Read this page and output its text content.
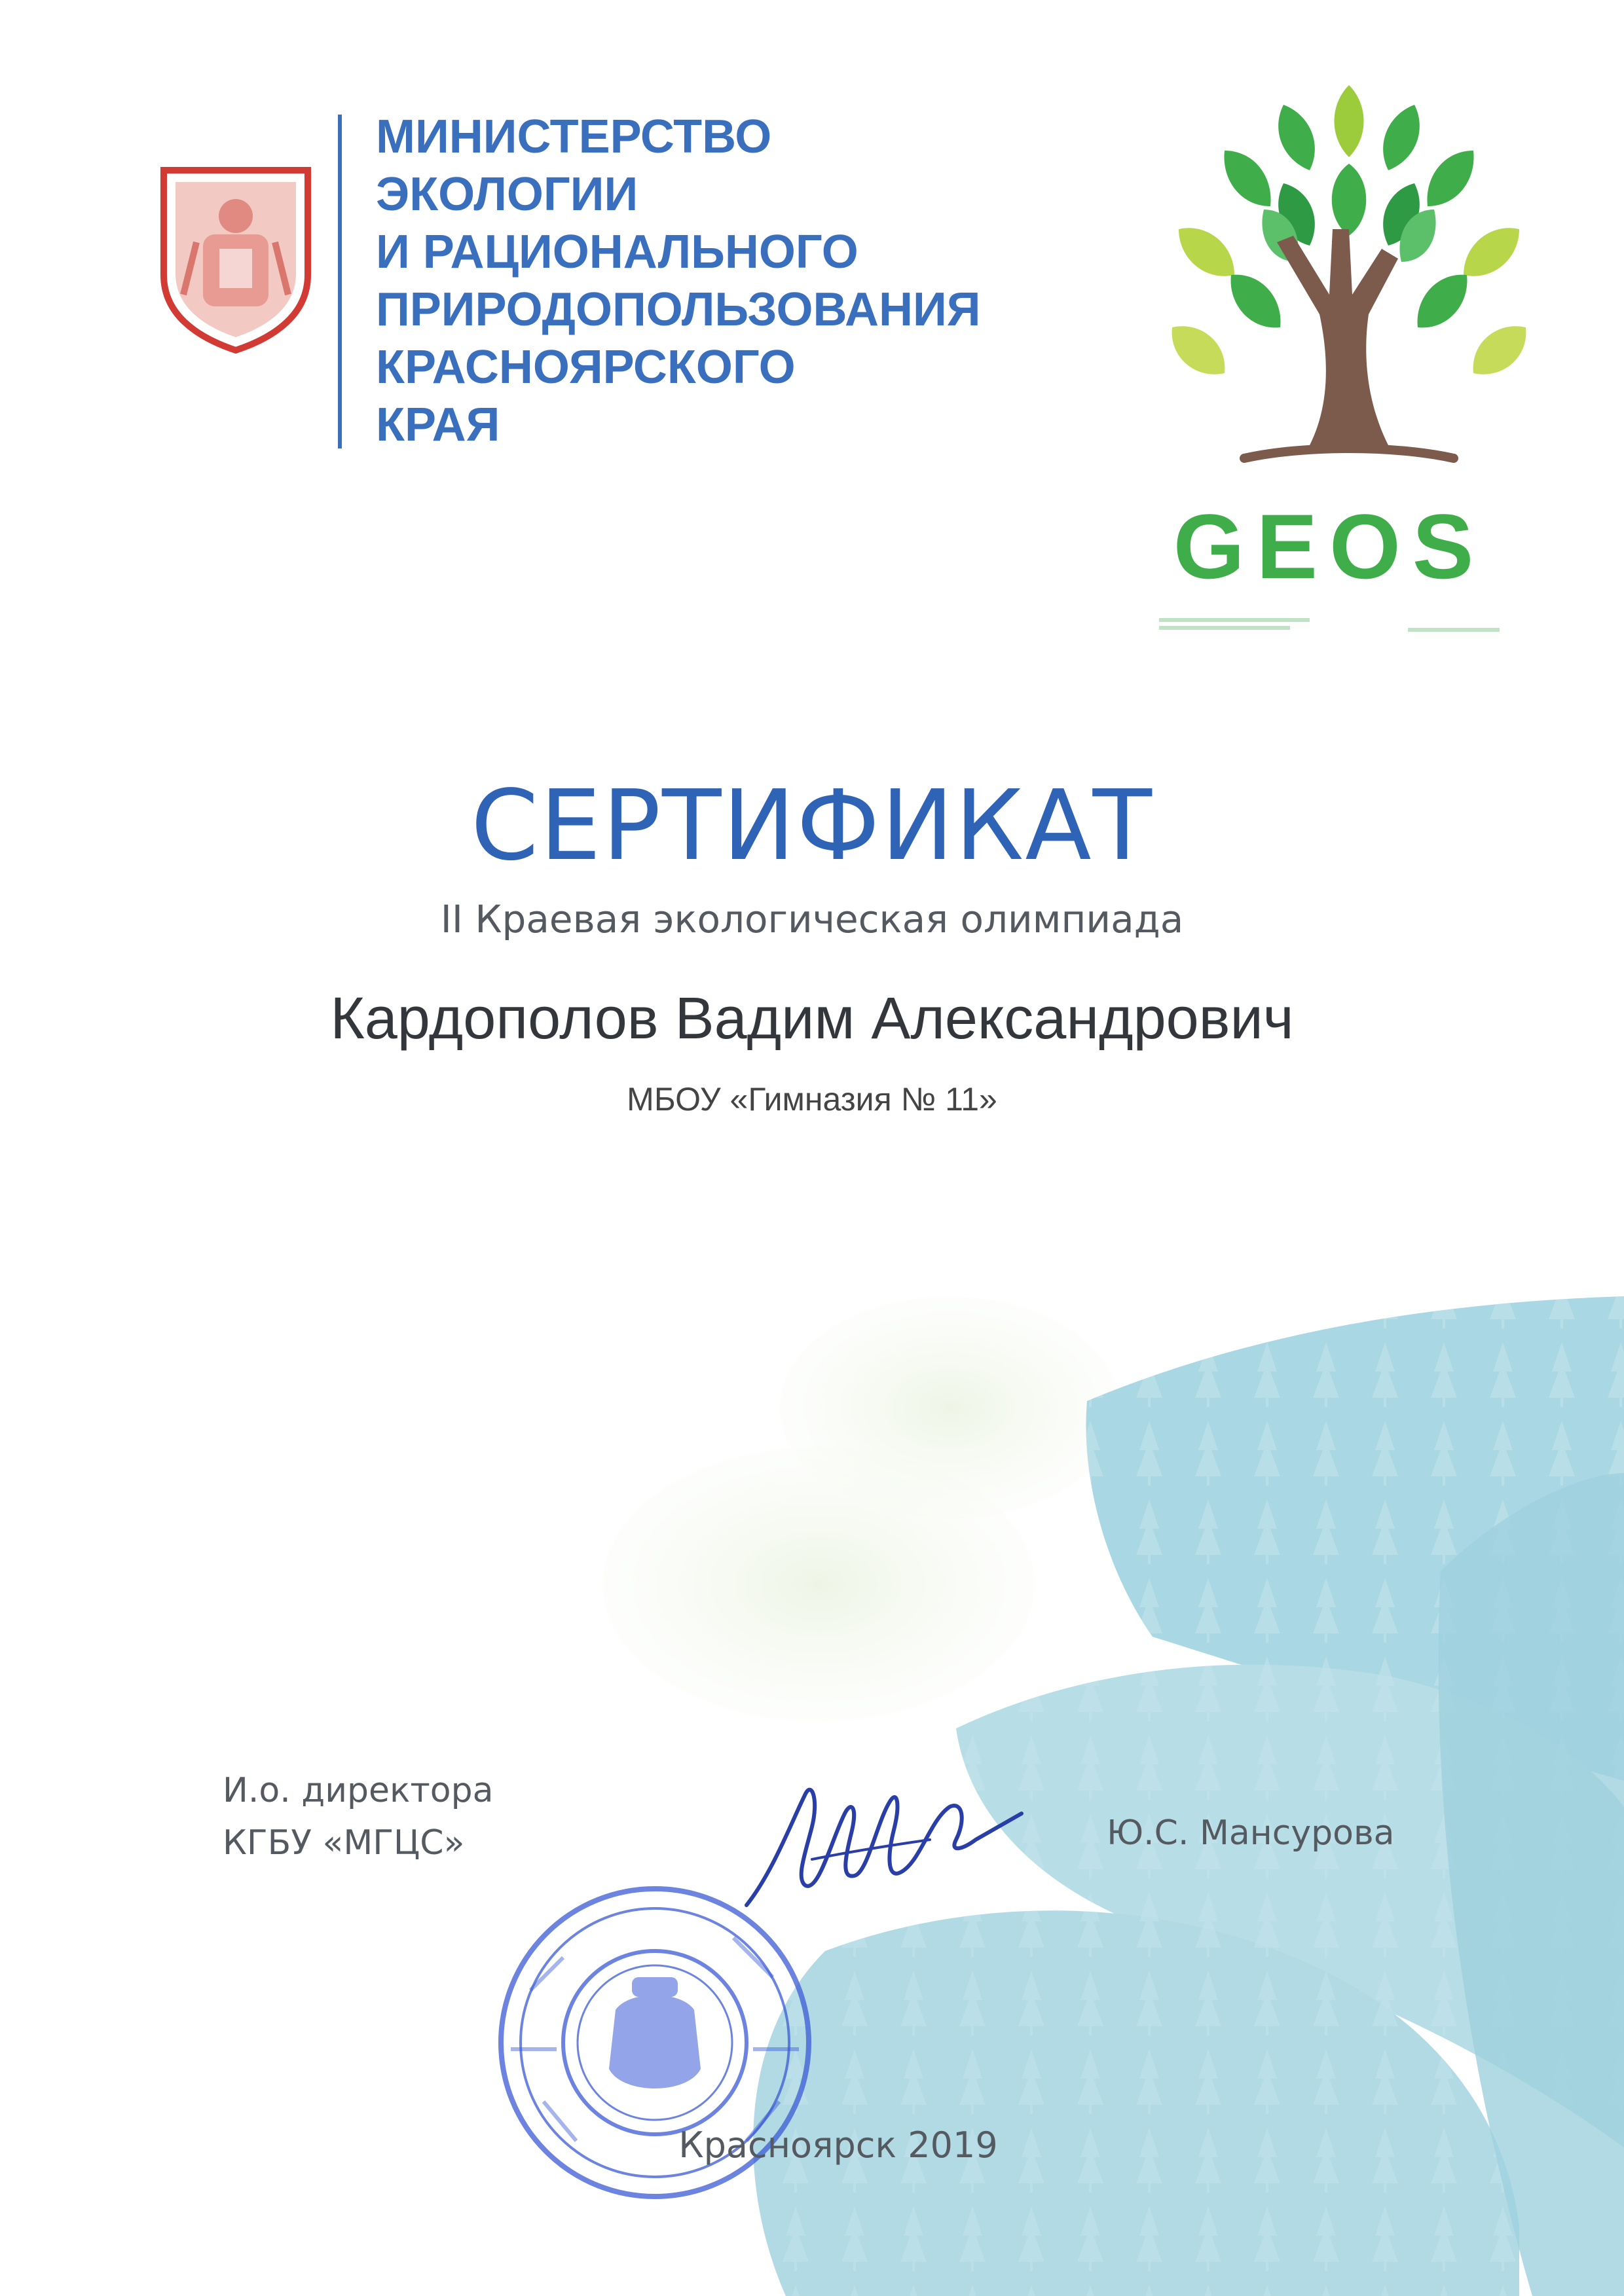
МИНИСТЕРСТВО
ЭКОЛОГИИ
И РАЦИОНАЛЬНОГО
ПРИРОДОПОЛЬЗОВАНИЯ
КРАСНОЯРСКОГО
КРАЯ
GEOS
СЕРТИФИКАТ
II Краевая экологическая олимпиада
Кардополов Вадим Александрович
МБОУ «Гимназия № 11»
И.о. директора
КГБУ «МГЦС»	Ю.С. Мансурова
Красноярск 2019
